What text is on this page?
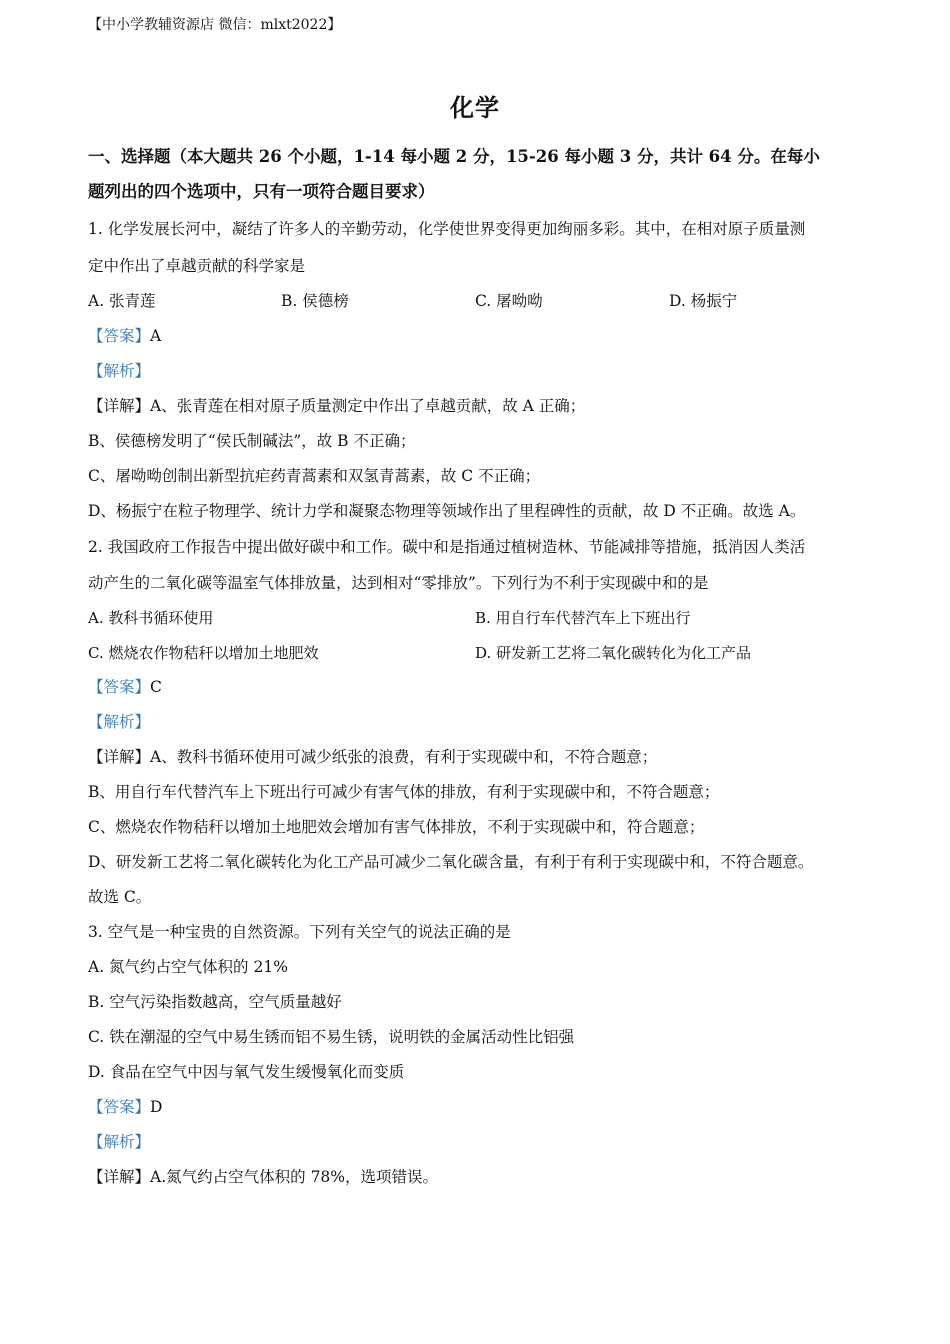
【中小学教辅资源店 微信：mlxt2022】
化学
一、选择题（本大题共 26 个小题，1-14 每小题 2 分，15-26 每小题 3 分，共计 64 分。在每小
题列出的四个选项中，只有一项符合题目要求）
1. 化学发展长河中，凝结了许多人的辛勤劳动，化学使世界变得更加绚丽多彩。其中，在相对原子质量测
定中作出了卓越贡献的科学家是
A. 张青莲	B. 侯德榜	C. 屠呦呦	D. 杨振宁
【答案】A
【解析】
【详解】A、张青莲在相对原子质量测定中作出了卓越贡献，故 A 正确；
B、侯德榜发明了“侯氏制碱法”，故 B 不正确；
C、屠呦呦创制出新型抗疟药青蒿素和双氢青蒿素，故 C 不正确；
D、杨振宁在粒子物理学、统计力学和凝聚态物理等领域作出了里程碑性的贡献，故 D 不正确。故选 A。
2. 我国政府工作报告中提出做好碳中和工作。碳中和是指通过植树造林、节能减排等措施，抵消因人类活
动产生的二氧化碳等温室气体排放量，达到相对“零排放”。下列行为不利于实现碳中和的是
A. 教科书循环使用	B. 用自行车代替汽车上下班出行
C. 燃烧农作物秸秆以增加土地肥效	D. 研发新工艺将二氧化碳转化为化工产品
【答案】C
【解析】
【详解】A、教科书循环使用可减少纸张的浪费，有利于实现碳中和，不符合题意；
B、用自行车代替汽车上下班出行可减少有害气体的排放，有利于实现碳中和，不符合题意；
C、燃烧农作物秸秆以增加土地肥效会增加有害气体排放，不利于实现碳中和，符合题意；
D、研发新工艺将二氧化碳转化为化工产品可减少二氧化碳含量，有利于有利于实现碳中和，不符合题意。
故选 C。
3. 空气是一种宝贵的自然资源。下列有关空气的说法正确的是
A. 氮气约占空气体积的 21%
B. 空气污染指数越高，空气质量越好
C. 铁在潮湿的空气中易生锈而铝不易生锈，说明铁的金属活动性比铝强
D. 食品在空气中因与氧气发生缓慢氧化而变质
【答案】D
【解析】
【详解】A.氮气约占空气体积的 78%，选项错误。
